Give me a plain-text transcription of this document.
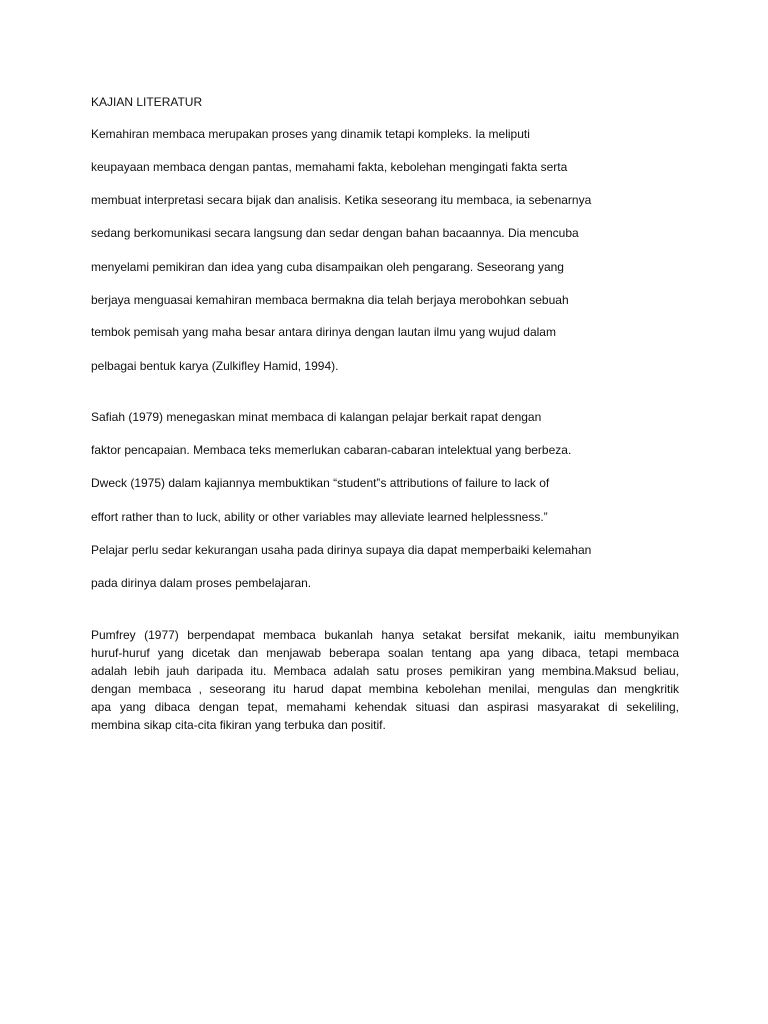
KAJIAN LITERATUR
Kemahiran membaca merupakan proses yang dinamik tetapi kompleks. Ia meliputi
keupayaan membaca dengan pantas, memahami fakta, kebolehan mengingati fakta serta
membuat interpretasi secara bijak dan analisis. Ketika seseorang itu membaca, ia sebenarnya
sedang berkomunikasi secara langsung dan sedar dengan bahan bacaannya. Dia mencuba
menyelami pemikiran dan idea yang cuba disampaikan oleh pengarang. Seseorang yang
berjaya menguasai kemahiran membaca bermakna dia telah berjaya merobohkan sebuah
tembok pemisah yang maha besar antara dirinya dengan lautan ilmu yang wujud dalam
pelbagai bentuk karya (Zulkifley Hamid, 1994).
Safiah (1979) menegaskan minat membaca di kalangan pelajar berkait rapat dengan
faktor pencapaian. Membaca teks memerlukan cabaran-cabaran intelektual yang berbeza.
Dweck (1975) dalam kajiannya membuktikan “student‟s attributions of failure to lack of
effort rather than to luck, ability or other variables may alleviate learned helplessness.”
Pelajar perlu sedar kekurangan usaha pada dirinya supaya dia dapat memperbaiki kelemahan
pada dirinya dalam proses pembelajaran.
Pumfrey (1977) berpendapat membaca bukanlah hanya setakat bersifat mekanik, iaitu membunyikan
huruf-huruf yang dicetak dan menjawab beberapa soalan tentang apa yang dibaca, tetapi membaca
adalah lebih jauh daripada itu. Membaca adalah satu proses pemikiran yang membina.Maksud beliau,
dengan membaca , seseorang itu harud dapat membina kebolehan menilai, mengulas dan mengkritik
apa yang dibaca dengan tepat, memahami kehendak situasi dan aspirasi masyarakat di sekeliling,
membina sikap cita-cita fikiran yang terbuka dan positif.
